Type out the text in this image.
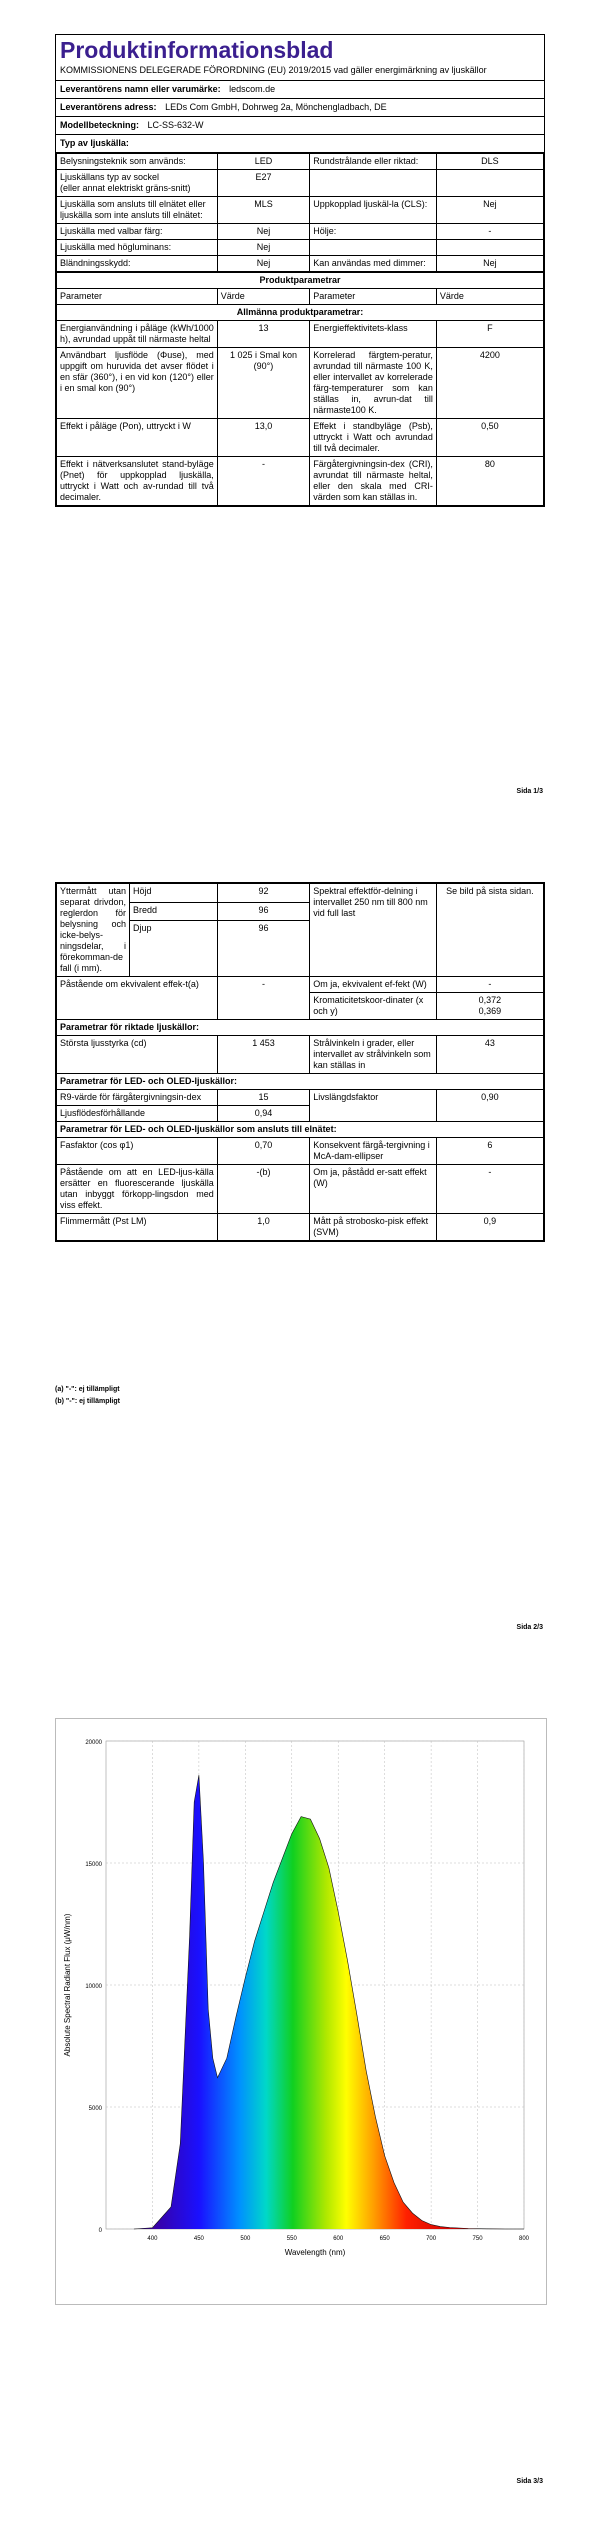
Produktinformationsblad
KOMMISSIONENS DELEGERADE FÖRORDNING (EU) 2019/2015 vad gäller energimärkning av ljuskällor
Leverantörens namn eller varumärke: ledscom.de
Leverantörens adress: LEDs Com GmbH, Dohrweg 2a, Mönchengladbach, DE
Modellbeteckning: LC-SS-632-W
Typ av ljuskälla:
Belysningsteknik som används:	LED	Rundstrålande eller riktad:	DLS
Ljuskällans typ av sockel
(eller annat elektriskt gräns-snitt)	E27		
Ljuskälla som ansluts till elnätet eller ljuskälla som inte ansluts till elnätet:	MLS	Uppkopplad ljuskäl-la (CLS):	Nej
Ljuskälla med valbar färg:	Nej	Hölje:	-
Ljuskälla med högluminans:	Nej		
Bländningsskydd:	Nej	Kan användas med dimmer:	Nej
Produktparametrar			
Parameter	Värde	Parameter	Värde
Allmänna produktparametrar:			
Energianvändning i påläge (kWh/1000 h), avrundad uppåt till närmaste heltal	13	Energieffektivitets-klass	F
Användbart ljusflöde (Φuse), med uppgift om huruvida det avser flödet i en sfär (360°), i en vid kon (120°) eller i en smal kon (90°)	1 025 i Smal kon (90°)	Korrelerad färgtem-peratur, avrundad till närmaste 100 K, eller intervallet av korrelerade färg-temperaturer som kan ställas in, avrun-dat till närmaste100 K.	4200
Effekt i påläge (Pon), uttryckt i W	13,0	Effekt i standbyläge (Psb), uttryckt i Watt och avrundad till två decimaler.	0,50
Effekt i nätverksanslutet stand-byläge (Pnet) för uppkopplad ljuskälla, uttryckt i Watt och av-rundad till två decimaler.	-	Färgåtergivningsin-dex (CRI), avrundat till närmaste heltal, eller den skala med CRI-värden som kan ställas in.	80
Sida 1/3
Yttermått utan separat drivdon, reglerdon för belysning och icke-belys-ningsdelar, i förekomman-de fall (i mm).	Höjd	92	Spektral effektför-delning i intervallet 250 nm till 800 nm vid full last	Se bild på sista sidan.
	Bredd	96		
	Djup	96		
Påstående om ekvivalent effek-t(a)		-	Om ja, ekvivalent ef-fekt (W)	-
			Kromaticitetskoor-dinater (x och y)	0,372
0,369

Parametrar för riktade ljuskällor:				
Största ljusstyrka (cd)		1 453	Strålvinkeln i grader, eller intervallet av strålvinkeln som kan ställas in	43
Parametrar för LED- och OLED-ljuskällor:				
R9-värde för färgåtergivningsin-dex		15	Livslängdsfaktor	0,90
Ljusflödesförhållande		0,94		
Parametrar för LED- och OLED-ljuskällor som ansluts till elnätet:				
Fasfaktor (cos φ1)		0,70	Konsekvent färgå-tergivning i McA-dam-ellipser	6
Påstående om att en LED-ljus-källa ersätter en fluorescerande ljuskälla utan inbyggt förkopp-lingsdon med viss effekt.		-(b)	Om ja, påstådd er-satt effekt (W)	-
Flimmermått (Pst LM)		1,0	Mått på strobosko-pisk effekt (SVM)	0,9
(a) "-": ej tillämpligt
(b) "-": ej tillämpligt
Sida 2/3
0
5000
10000
15000
20000
400	450	500	550	600	650	700	750	800
Absolute Spectral Radiant Flux (μW/nm)
Wavelength (nm)
Sida 3/3
